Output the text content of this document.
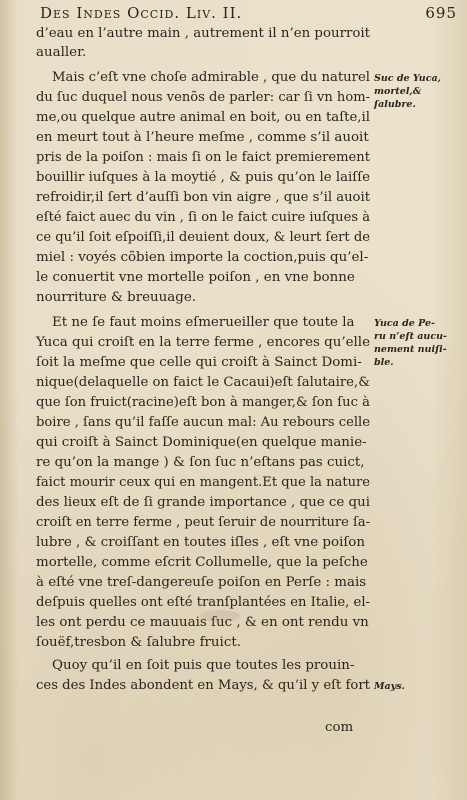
Des Indes Occid. Liv. II.	695
d’eau en l’autre main , autrement il n’en pourroit
aualler.
Mais c’eſt vne choſe admirable , que du naturel
du ſuc duquel nous venõs de parler: car ſi vn hom-
me,ou quelque autre animal en boit, ou en taſte,il
en meurt tout à l’heure meſme , comme s’il auoit
pris de la poiſon : mais ſi on le faict premierement
bouillir iuſques à la moytié , & puis qu’on le laiſſe
refroidir,il ſert d’auſſi bon vin aigre , que s’il auoit
eſté faict auec du vin , ſi on le faict cuire iuſques à
ce qu’il ſoit eſpoiſſi,il deuient doux, & leurt ſert de
miel : voyés cõbien importe la coction,puis qu’el-
le conuertit vne mortelle poiſon , en vne bonne
nourriture & breuuage.
Et ne ſe faut moins eſmerueiller que toute la
Yuca qui croiſt en la terre ferme , encores qu’elle
ſoit la meſme que celle qui croiſt à Sainct Domi-
nique(delaquelle on faict le Cacaui)eſt ſalutaire,&
que ſon fruict(racine)eſt bon à manger,& ſon ſuc à
boire , ſans qu’il faſſe aucun mal: Au rebours celle
qui croiſt à Sainct Dominique(en quelque manie-
re qu’on la mange ) & ſon ſuc n’eſtans pas cuict,
faict mourir ceux qui en mangent.Et que la nature
des lieux eſt de ſi grande importance , que ce qui
croiſt en terre ferme , peut ſeruir de nourriture ſa-
lubre , & croiſſant en toutes iſles , eſt vne poiſon
mortelle, comme eſcrit Collumelle, que la peſche
à eſté vne treſ-dangereuſe poiſon en Perſe : mais
deſpuis quelles ont eſté tranſplantées en Italie, el-
les ont perdu ce mauuais ſuc , & en ont rendu vn
ſouëf,tresbon & ſalubre fruict.
Quoy qu’il en ſoit puis que toutes les prouin-
ces des Indes abondent en Mays, & qu’il y eſt fort
Suc de Yuca,
mortel,&
ſalubre.
Yuca de Pe-
ru n’eſt aucu-
nement nuiſi-
ble.
Mays.
com
